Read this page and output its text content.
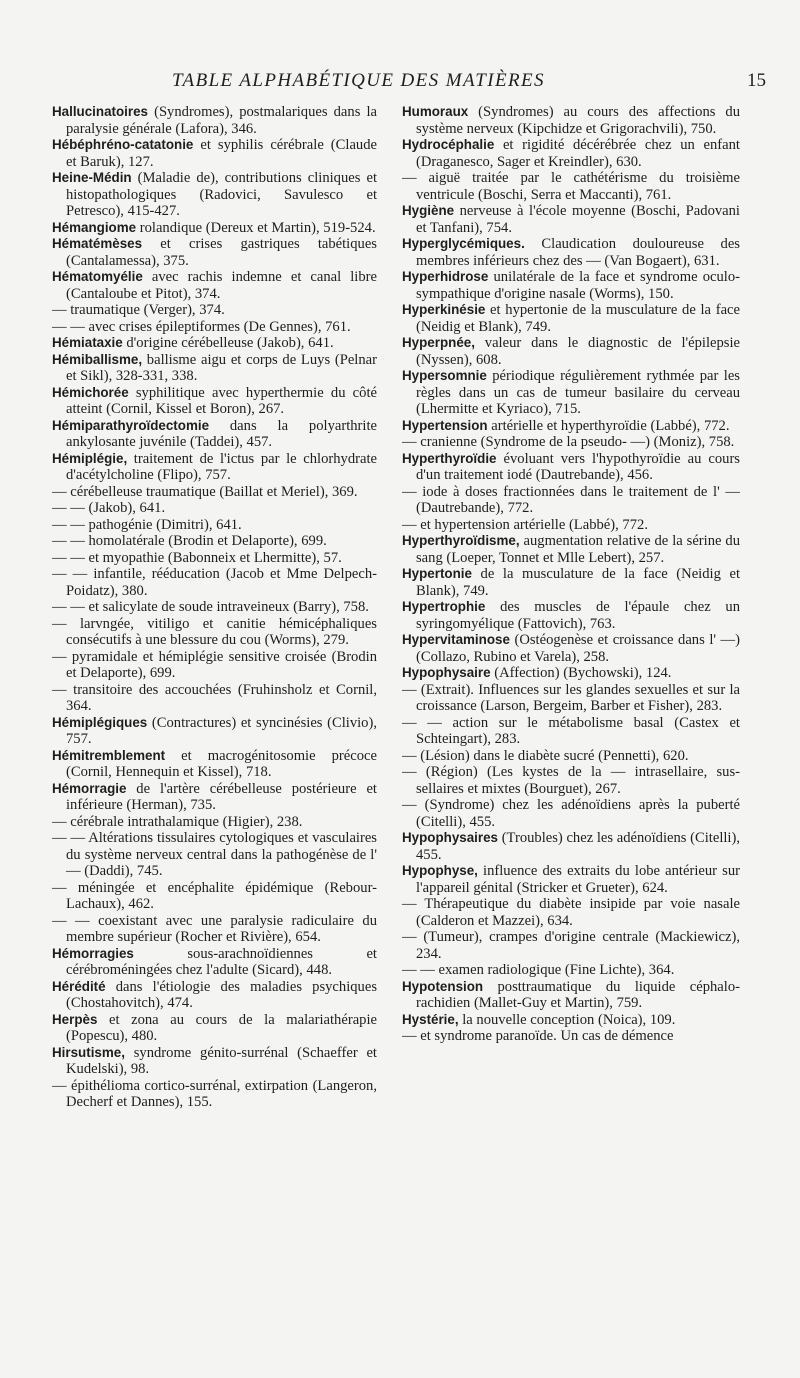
TABLE ALPHABÉTIQUE DES MATIÈRES	15
Hallucinatoires (Syndromes), postmalariques dans la paralysie générale (Lafora), 346.
Hébéphréno-catatonie et syphilis cérébrale (Claude et Baruk), 127.
Heine-Médin (Maladie de), contributions cliniques et histopathologiques (Radovici, Savulesco et Petresco), 415-427.
Hémangiome rolandique (Dereux et Martin), 519-524.
Hématémèses et crises gastriques tabétiques (Cantalamessa), 375.
Hématomyélie avec rachis indemne et canal libre (Cantaloube et Pitot), 374.
— traumatique (Verger), 374.
— — avec crises épileptiformes (De Gennes), 761.
Hémiataxie d'origine cérébelleuse (Jakob), 641.
Hémiballisme, ballisme aigu et corps de Luys (Pelnar et Sikl), 328-331, 338.
Hémichorée syphilitique avec hyperthermie du côté atteint (Cornil, Kissel et Boron), 267.
Hémiparathyroïdectomie dans la polyarthrite ankylosante juvénile (Taddei), 457.
Hémiplégie, traitement de l'ictus par le chlorhydrate d'acétylcholine (Flipo), 757.
— cérébelleuse traumatique (Baillat et Meriel), 369.
— — (Jakob), 641.
— — pathogénie (Dimitri), 641.
— — homolatérale (Brodin et Delaporte), 699.
— — et myopathie (Babonneix et Lhermitte), 57.
— — infantile, rééducation (Jacob et Mme Delpech-Poidatz), 380.
— — et salicylate de soude intraveineux (Barry), 758.
— larvngée, vitiligo et canitie hémicéphaliques consécutifs à une blessure du cou (Worms), 279.
— pyramidale et hémiplégie sensitive croisée (Brodin et Delaporte), 699.
— transitoire des accouchées (Fruhinsholz et Cornil, 364.
Hémiplégiques (Contractures) et syncinésies (Clivio), 757.
Hémitremblement et macrogénitosomie précoce (Cornil, Hennequin et Kissel), 718.
Hémorragie de l'artère cérébelleuse postérieure et inférieure (Herman), 735.
— cérébrale intrathalamique (Higier), 238.
— — Altérations tissulaires cytologiques et vasculaires du système nerveux central dans la pathogénèse de l' — (Daddi), 745.
— méningée et encéphalite épidémique (Rebour-Lachaux), 462.
— — coexistant avec une paralysie radiculaire du membre supérieur (Rocher et Rivière), 654.
Hémorragies sous-arachnoïdiennes et cérébroméningées chez l'adulte (Sicard), 448.
Hérédité dans l'étiologie des maladies psychiques (Chostahovitch), 474.
Herpès et zona au cours de la malariathérapie (Popescu), 480.
Hirsutisme, syndrome génito-surrénal (Schaeffer et Kudelski), 98.
— épithélioma cortico-surrénal, extirpation (Langeron, Decherf et Dannes), 155.
Humoraux (Syndromes) au cours des affections du système nerveux (Kipchidze et Grigorachvili), 750.
Hydrocéphalie et rigidité décérébrée chez un enfant (Draganesco, Sager et Kreindler), 630.
— aiguë traitée par le cathétérisme du troisième ventricule (Boschi, Serra et Maccanti), 761.
Hygiène nerveuse à l'école moyenne (Boschi, Padovani et Tanfani), 754.
Hyperglycémiques. Claudication douloureuse des membres inférieurs chez des — (Van Bogaert), 631.
Hyperhidrose unilatérale de la face et syndrome oculo-sympathique d'origine nasale (Worms), 150.
Hyperkinésie et hypertonie de la musculature de la face (Neidig et Blank), 749.
Hyperpnée, valeur dans le diagnostic de l'épilepsie (Nyssen), 608.
Hypersomnie périodique régulièrement rythmée par les règles dans un cas de tumeur basilaire du cerveau (Lhermitte et Kyriaco), 715.
Hypertension artérielle et hyperthyroïdie (Labbé), 772.
— cranienne (Syndrome de la pseudo- —) (Moniz), 758.
Hyperthyroïdie évoluant vers l'hypothyroïdie au cours d'un traitement iodé (Dautrebande), 456.
— iode à doses fractionnées dans le traitement de l' — (Dautrebande), 772.
— et hypertension artérielle (Labbé), 772.
Hyperthyroïdisme, augmentation relative de la sérine du sang (Loeper, Tonnet et Mlle Lebert), 257.
Hypertonie de la musculature de la face (Neidig et Blank), 749.
Hypertrophie des muscles de l'épaule chez un syringomyélique (Fattovich), 763.
Hypervitaminose (Ostéogenèse et croissance dans l' —) (Collazo, Rubino et Varela), 258.
Hypophysaire (Affection) (Bychowski), 124.
— (Extrait). Influences sur les glandes sexuelles et sur la croissance (Larson, Bergeim, Barber et Fisher), 283.
— — action sur le métabolisme basal (Castex et Schteingart), 283.
— (Lésion) dans le diabète sucré (Pennetti), 620.
— (Région) (Les kystes de la — intrasellaire, sus-sellaires et mixtes (Bourguet), 267.
— (Syndrome) chez les adénoïdiens après la puberté (Citelli), 455.
Hypophysaires (Troubles) chez les adénoïdiens (Citelli), 455.
Hypophyse, influence des extraits du lobe antérieur sur l'appareil génital (Stricker et Grueter), 624.
— Thérapeutique du diabète insipide par voie nasale (Calderon et Mazzei), 634.
— (Tumeur), crampes d'origine centrale (Mackiewicz), 234.
— — examen radiologique (Fine Lichte), 364.
Hypotension posttraumatique du liquide céphalo-rachidien (Mallet-Guy et Martin), 759.
Hystérie, la nouvelle conception (Noica), 109.
— et syndrome paranoïde. Un cas de démence
